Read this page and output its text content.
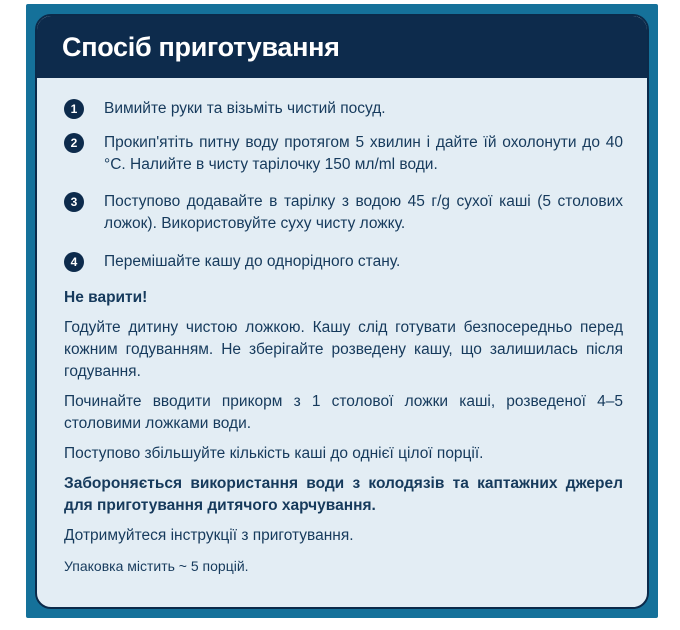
Спосіб приготування
1	Вимийте руки та візьміть чистий посуд.
2	Прокип'ятіть питну воду протягом 5 хвилин і дайте їй охолонути до 40 °C. Налийте в чисту тарілочку 150 мл/ml води.
3	Поступово додавайте в тарілку з водою 45 г/g сухої каші (5 столових ложок). Використовуйте суху чисту ложку.
4	Перемішайте кашу до однорідного стану.
Не варити!
Годуйте дитину чистою ложкою. Кашу слід готувати безпосередньо перед кожним годуванням. Не зберігайте розведену кашу, що залишилась після годування.
Починайте вводити прикорм з 1 столової ложки каші, розведеної 4–5 столовими ложками води.
Поступово збільшуйте кількість каші до однієї цілої порції.
Забороняється використання води з колодязів та каптажних джерел для приготування дитячого харчування.
Дотримуйтеся інструкції з приготування.
Упаковка містить ~ 5 порцій.
